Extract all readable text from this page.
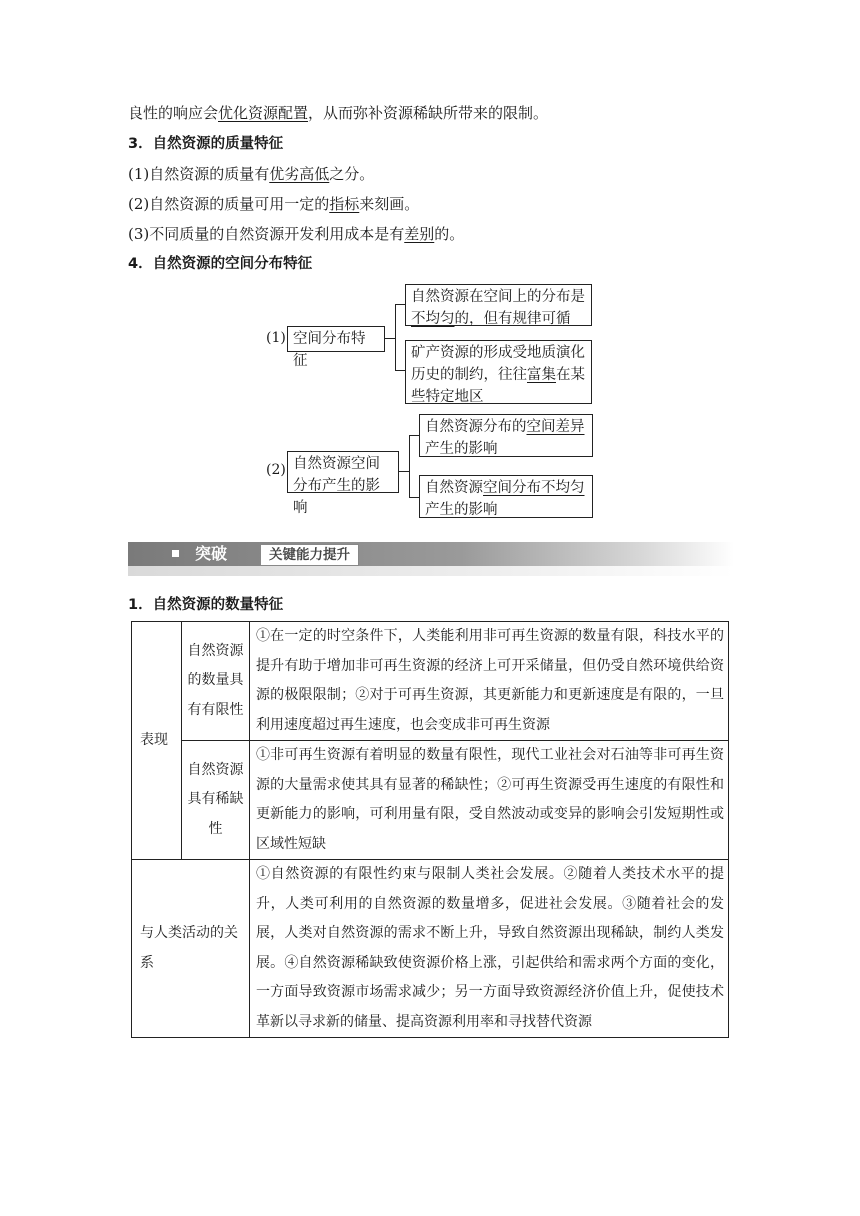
良性的响应会优化资源配置，从而弥补资源稀缺所带来的限制。
3．自然资源的质量特征
(1)自然资源的质量有优劣高低之分。
(2)自然资源的质量可用一定的指标来刻画。
(3)不同质量的自然资源开发利用成本是有差别的。
4．自然资源的空间分布特征
(1) 空间分布特征
自然资源在空间上的分布是
不均匀的，但有规律可循
矿产资源的形成受地质演化
历史的制约，往往富集在某
些特定地区
(2) 自然资源空间
分布产生的影响
自然资源分布的空间差异
产生的影响
自然资源空间分布不均匀
产生的影响
突破	关键能力提升
1．自然资源的数量特征
表现	自然资源的数量具有有限性	①在一定的时空条件下，人类能利用非可再生资源的数量有限，科技水平的提升有助于增加非可再生资源的经济上可开采储量，但仍受自然环境供给资源的极限限制；②对于可再生资源，其更新能力和更新速度是有限的，一旦利用速度超过再生速度，也会变成非可再生资源
	自然资源具有稀缺性	①非可再生资源有着明显的数量有限性，现代工业社会对石油等非可再生资源的大量需求使其具有显著的稀缺性；②可再生资源受再生速度的有限性和更新能力的影响，可利用量有限，受自然波动或变异的影响会引发短期性或区域性短缺
与人类活动的关系		①自然资源的有限性约束与限制人类社会发展。②随着人类技术水平的提升，人类可利用的自然资源的数量增多，促进社会发展。③随着社会的发展，人类对自然资源的需求不断上升，导致自然资源出现稀缺，制约人类发展。④自然资源稀缺致使资源价格上涨，引起供给和需求两个方面的变化，一方面导致资源市场需求减少；另一方面导致资源经济价值上升，促使技术革新以寻求新的储量、提高资源利用率和寻找替代资源
